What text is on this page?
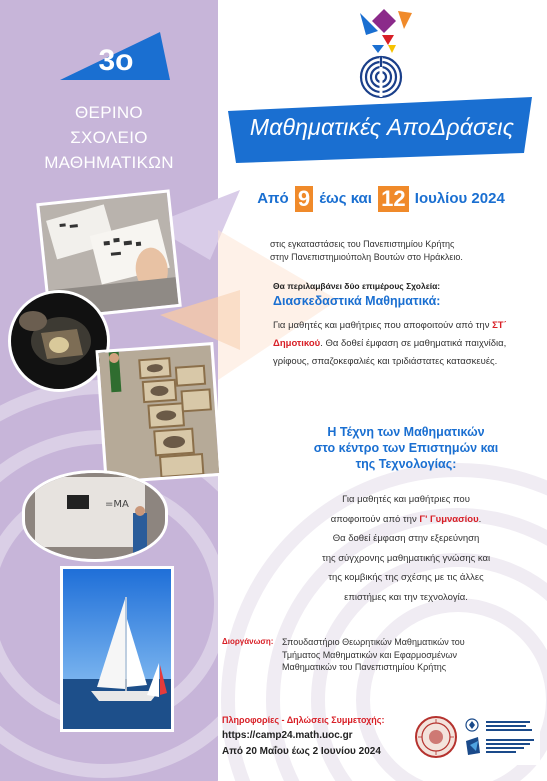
3ο
ΘΕΡΙΝΟ
ΣΧΟΛΕΙΟ
ΜΑΘΗΜΑΤΙΚΩΝ
=MA
Μαθηματικές ΑποΔράσεις
Από 9 έως και 12 Ιουλίου 2024
στις εγκαταστάσεις του Πανεπιστημίου Κρήτης
στην Πανεπιστημιούπολη Βουτών στο Ηράκλειο.
Θα περιλαμβάνει δύο επιμέρους Σχολεία:
Διασκεδαστικά Μαθηματικά:
Για μαθητές και μαθήτριες που αποφοιτούν από την ΣΤ΄ Δημοτικού. Θα δοθεί έμφαση σε μαθηματικά παιχνίδια, γρίφους, σπαζοκεφαλιές και τριδιάστατες κατασκευές.
Η Τέχνη των Μαθηματικών
στο κέντρο των Επιστημών και
της Τεχνολογίας:
Για μαθητές και μαθήτριες που
αποφοιτούν από την Γ' Γυμνασίου.
Θα δοθεί έμφαση στην εξερεύνηση
της σύγχρονης μαθηματικής γνώσης και
της κομβικής της σχέσης με τις άλλες
επιστήμες και την τεχνολογία.
Διοργάνωση: Σπουδαστήριο Θεωρητικών Μαθηματικών του
Τμήματος Μαθηματικών και Εφαρμοσμένων
Μαθηματικών του Πανεπιστημίου Κρήτης
Πληροφορίες - Δηλώσεις Συμμετοχής:
https://camp24.math.uoc.gr
Από 20 Μαΐου έως 2 Ιουνίου 2024
